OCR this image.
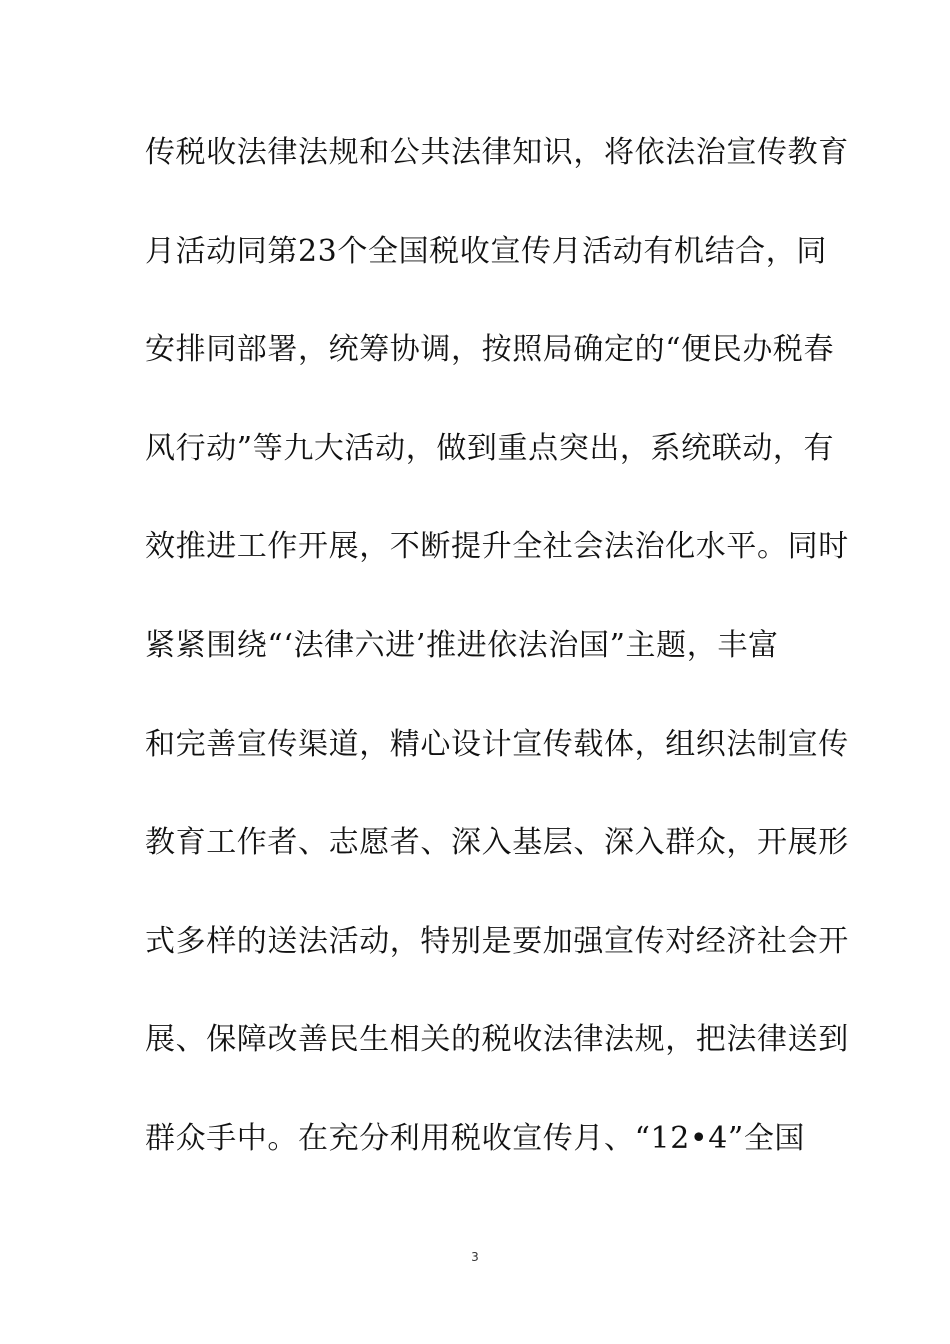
传税收法律法规和公共法律知识，将依法治宣传教育
月活动同第23个全国税收宣传月活动有机结合，同
安排同部署，统筹协调，按照局确定的“便民办税春
风行动”等九大活动，做到重点突出，系统联动，有
效推进工作开展，不断提升全社会法治化水平。同时
紧紧围绕“‘法律六进’推进依法治国”主题，丰富
和完善宣传渠道，精心设计宣传载体，组织法制宣传
教育工作者、志愿者、深入基层、深入群众，开展形
式多样的送法活动，特别是要加强宣传对经济社会开
展、保障改善民生相关的税收法律法规，把法律送到
群众手中。在充分利用税收宣传月、“12•4”全国
3
